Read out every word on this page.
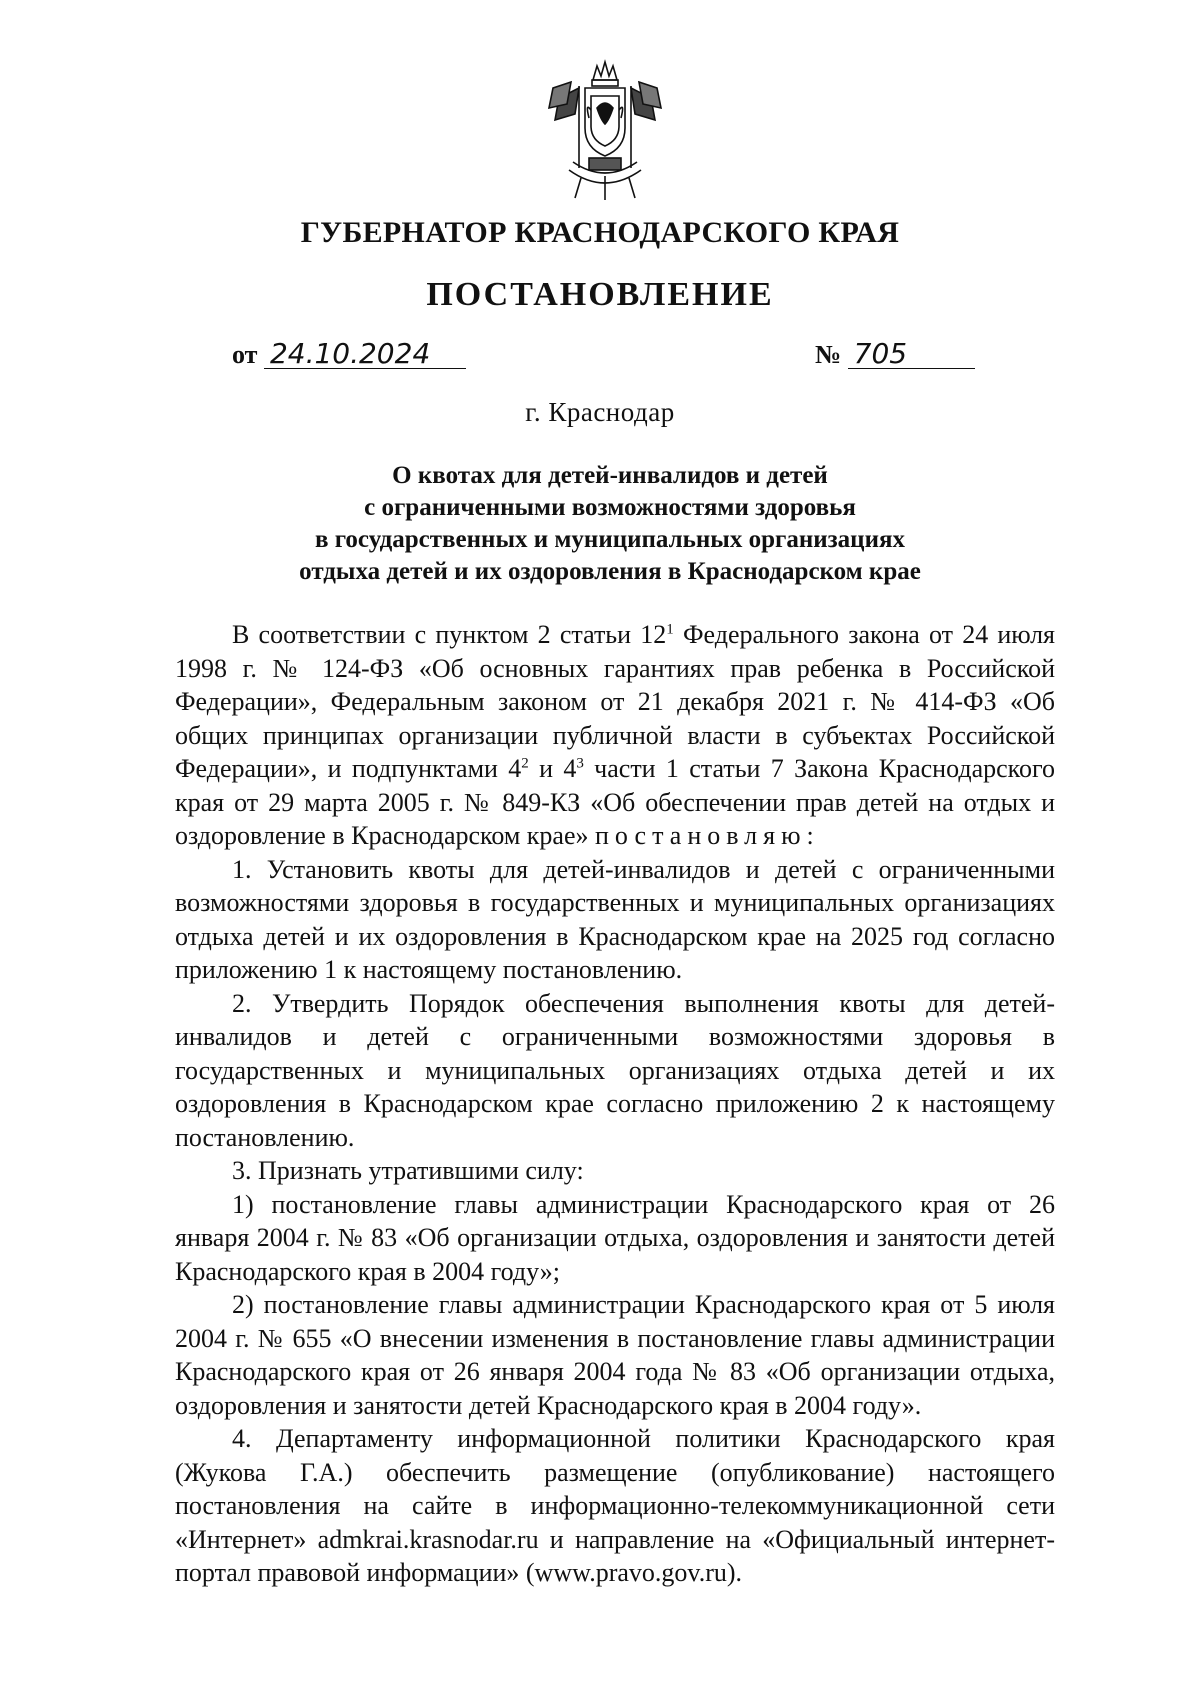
ГУБЕРНАТОР КРАСНОДАРСКОГО КРАЯ
ПОСТАНОВЛЕНИЕ
от 24.10.2024	№ 705
г. Краснодар
О квотах для детей-инвалидов и детей
с ограниченными возможностями здоровья
в государственных и муниципальных организациях
отдыха детей и их оздоровления в Краснодарском крае

В соответствии с пунктом 2 статьи $12^1$ Федерального закона от 24 июля 1998 г. № 124-ФЗ «Об основных гарантиях прав ребенка в Российской Федерации», Федеральным законом от 21 декабря 2021 г. № 414-ФЗ «Об общих принципах организации публичной власти в субъектах Российской Федерации», и подпунктами $4^2$ и $4^3$ части 1 статьи 7 Закона Краснодарского края от 29 марта 2005 г. № 849-КЗ «Об обеспечении прав детей на отдых и оздоровление в Краснодарском крае» постановляю:

1. Установить квоты для детей-инвалидов и детей с ограниченными возможностями здоровья в государственных и муниципальных организациях отдыха детей и их оздоровления в Краснодарском крае на 2025 год согласно приложению 1 к настоящему постановлению.

2. Утвердить Порядок обеспечения выполнения квоты для детей-инвалидов и детей с ограниченными возможностями здоровья в государственных и муниципальных организациях отдыха детей и их оздоровления в Краснодарском крае согласно приложению 2 к настоящему постановлению.

3. Признать утратившими силу:

1) постановление главы администрации Краснодарского края от 26 января 2004 г. № 83 «Об организации отдыха, оздоровления и занятости детей Краснодарского края в 2004 году»;

2) постановление главы администрации Краснодарского края от 5 июля 2004 г. № 655 «О внесении изменения в постановление главы администрации Краснодарского края от 26 января 2004 года № 83 «Об организации отдыха, оздоровления и занятости детей Краснодарского края в 2004 году».

4. Департаменту информационной политики Краснодарского края (Жукова Г.А.) обеспечить размещение (опубликование) настоящего постановления на сайте в информационно-телекоммуникационной сети «Интернет» admkrai.krasnodar.ru и направление на «Официальный интернет-портал правовой информации» (www.pravo.gov.ru).
